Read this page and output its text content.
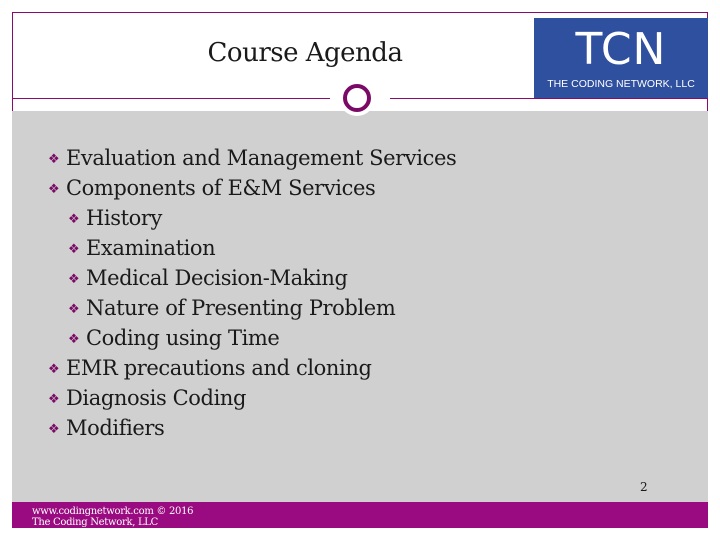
Course Agenda	TCN
THE CODING NETWORK, LLC
❖ Evaluation and Management Services
❖ Components of E&M Services
❖ History
❖ Examination
❖ Medical Decision-Making
❖ Nature of Presenting Problem
❖ Coding using Time
❖ EMR precautions and cloning
❖ Diagnosis Coding
❖ Modifiers
2
www.codingnetwork.com © 2016
The Coding Network, LLC
